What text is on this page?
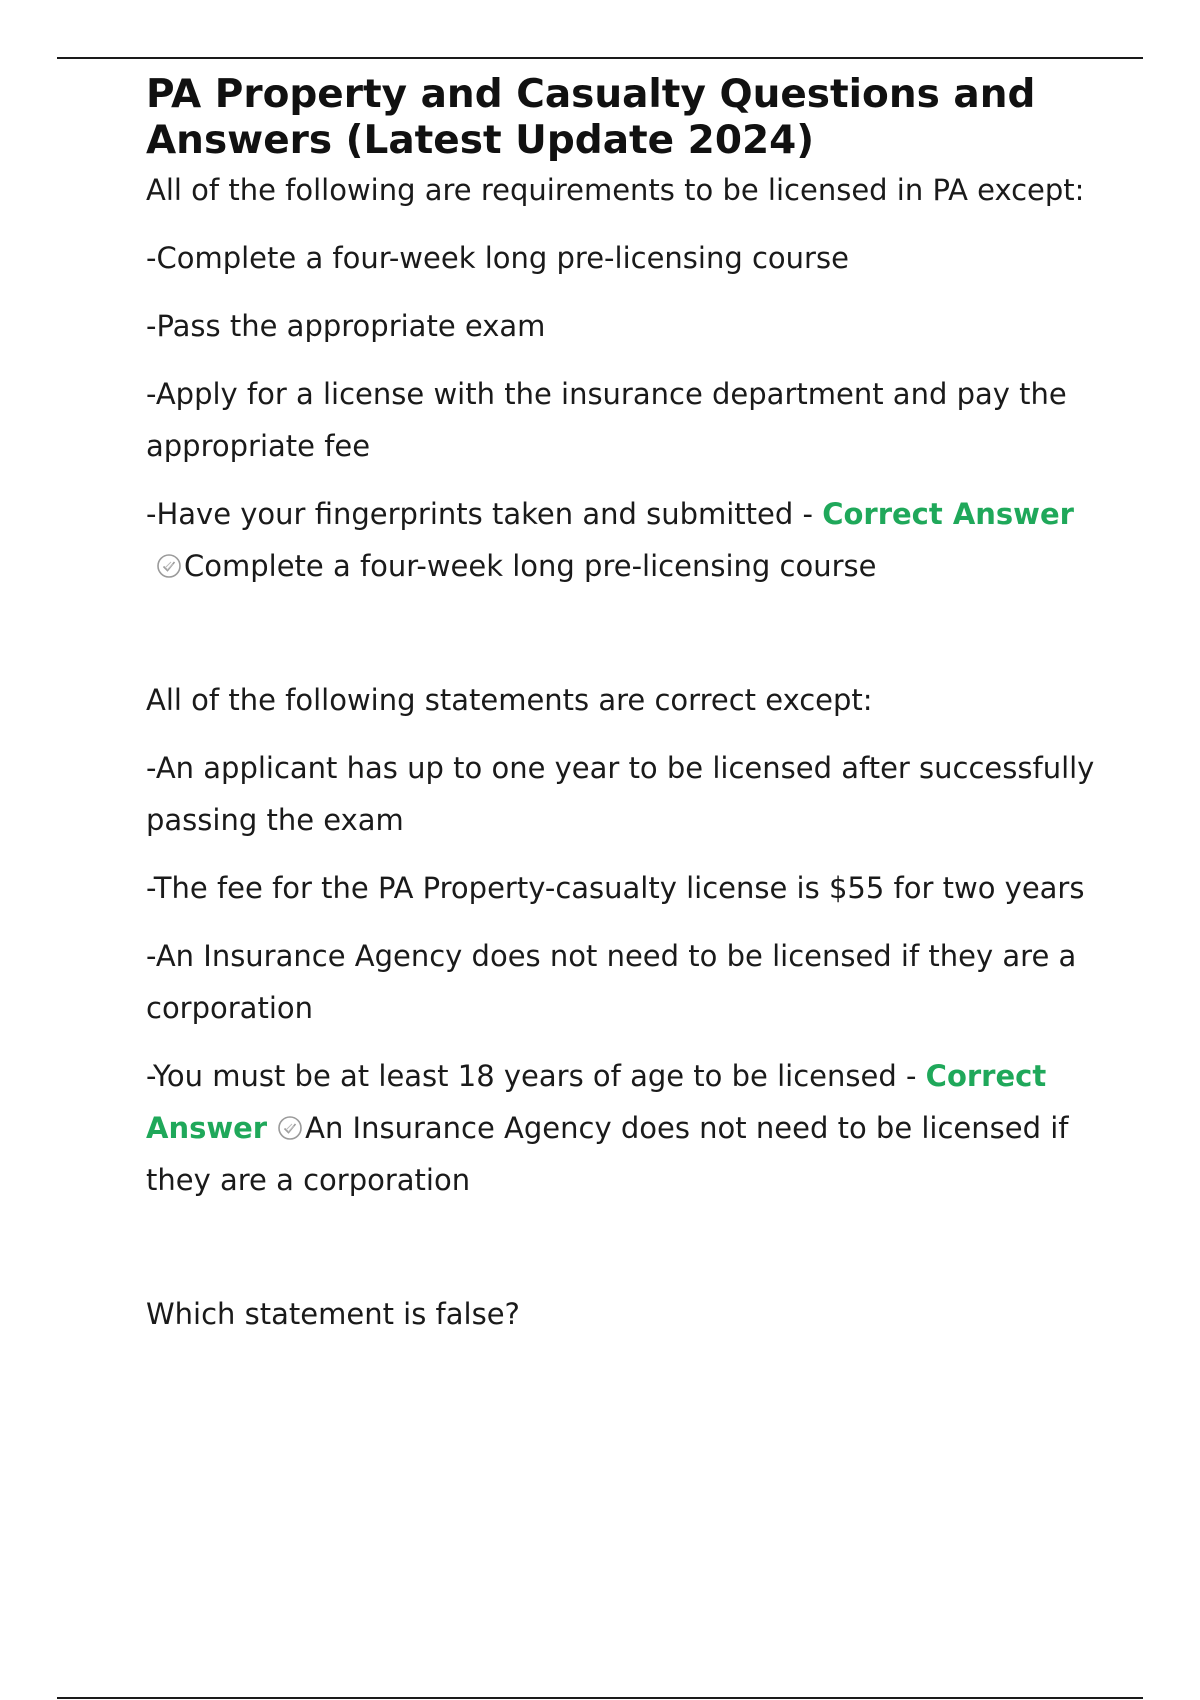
PA Property and Casualty Questions and
Answers (Latest Update 2024)

All of the following are requirements to be licensed in PA except:

-Complete a four-week long pre-licensing course

-Pass the appropriate exam

-Apply for a license with the insurance department and pay the appropriate fee

-Have your fingerprints taken and submitted - Correct Answer
Complete a four-week long pre-licensing course

All of the following statements are correct except:

-An applicant has up to one year to be licensed after successfully passing the exam

-The fee for the PA Property-casualty license is $55 for two years

-An Insurance Agency does not need to be licensed if they are a corporation

-You must be at least 18 years of age to be licensed - Correct Answer An Insurance Agency does not need to be licensed if they are a corporation

Which statement is false?
